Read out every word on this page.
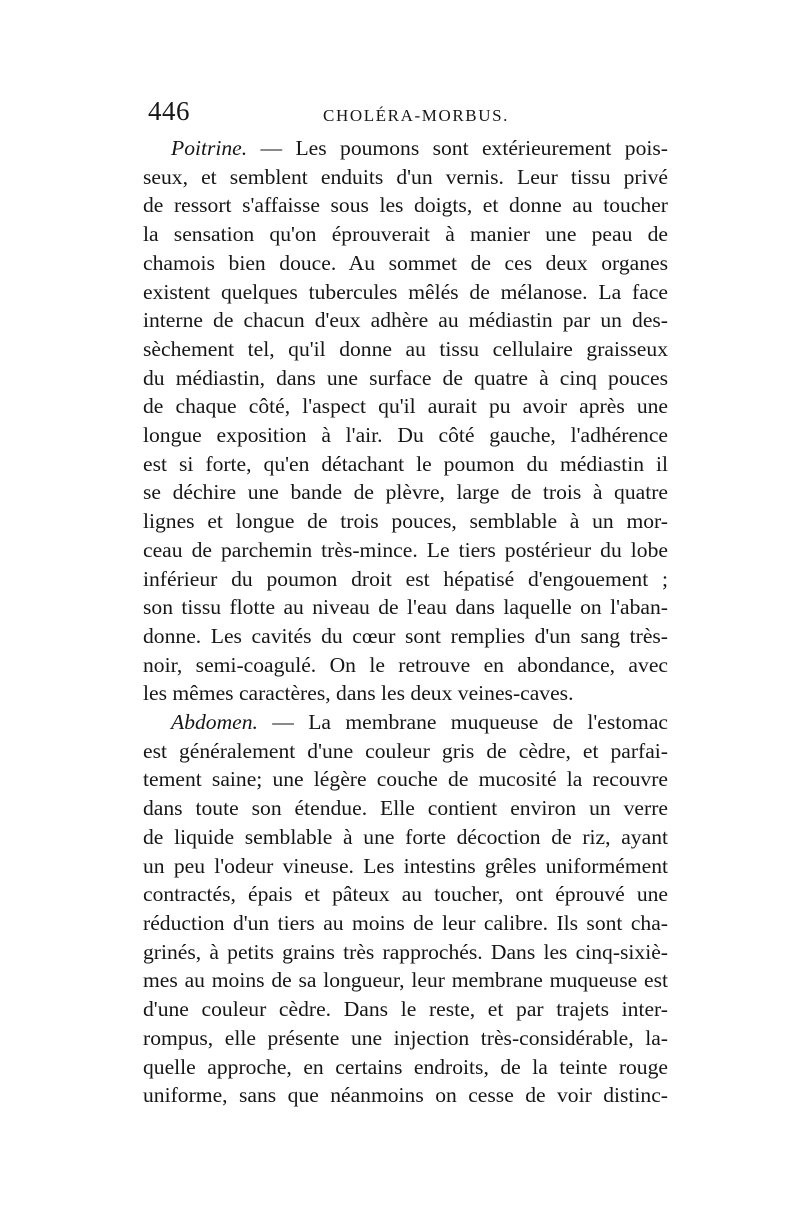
446	CHOLÉRA-MORBUS.
Poitrine. — Les poumons sont extérieurement pois-
seux, et semblent enduits d'un vernis. Leur tissu privé
de ressort s'affaisse sous les doigts, et donne au toucher
la sensation qu'on éprouverait à manier une peau de
chamois bien douce. Au sommet de ces deux organes
existent quelques tubercules mêlés de mélanose. La face
interne de chacun d'eux adhère au médiastin par un des-
sèchement tel, qu'il donne au tissu cellulaire graisseux
du médiastin, dans une surface de quatre à cinq pouces
de chaque côté, l'aspect qu'il aurait pu avoir après une
longue exposition à l'air. Du côté gauche, l'adhérence
est si forte, qu'en détachant le poumon du médiastin il
se déchire une bande de plèvre, large de trois à quatre
lignes et longue de trois pouces, semblable à un mor-
ceau de parchemin très-mince. Le tiers postérieur du lobe
inférieur du poumon droit est hépatisé d'engouement ;
son tissu flotte au niveau de l'eau dans laquelle on l'aban-
donne. Les cavités du cœur sont remplies d'un sang très-
noir, semi-coagulé. On le retrouve en abondance, avec
les mêmes caractères, dans les deux veines-caves.
Abdomen. — La membrane muqueuse de l'estomac
est généralement d'une couleur gris de cèdre, et parfai-
tement saine; une légère couche de mucosité la recouvre
dans toute son étendue. Elle contient environ un verre
de liquide semblable à une forte décoction de riz, ayant
un peu l'odeur vineuse. Les intestins grêles uniformément
contractés, épais et pâteux au toucher, ont éprouvé une
réduction d'un tiers au moins de leur calibre. Ils sont cha-
grinés, à petits grains très rapprochés. Dans les cinq-sixiè-
mes au moins de sa longueur, leur membrane muqueuse est
d'une couleur cèdre. Dans le reste, et par trajets inter-
rompus, elle présente une injection très-considérable, la-
quelle approche, en certains endroits, de la teinte rouge
uniforme, sans que néanmoins on cesse de voir distinc-
